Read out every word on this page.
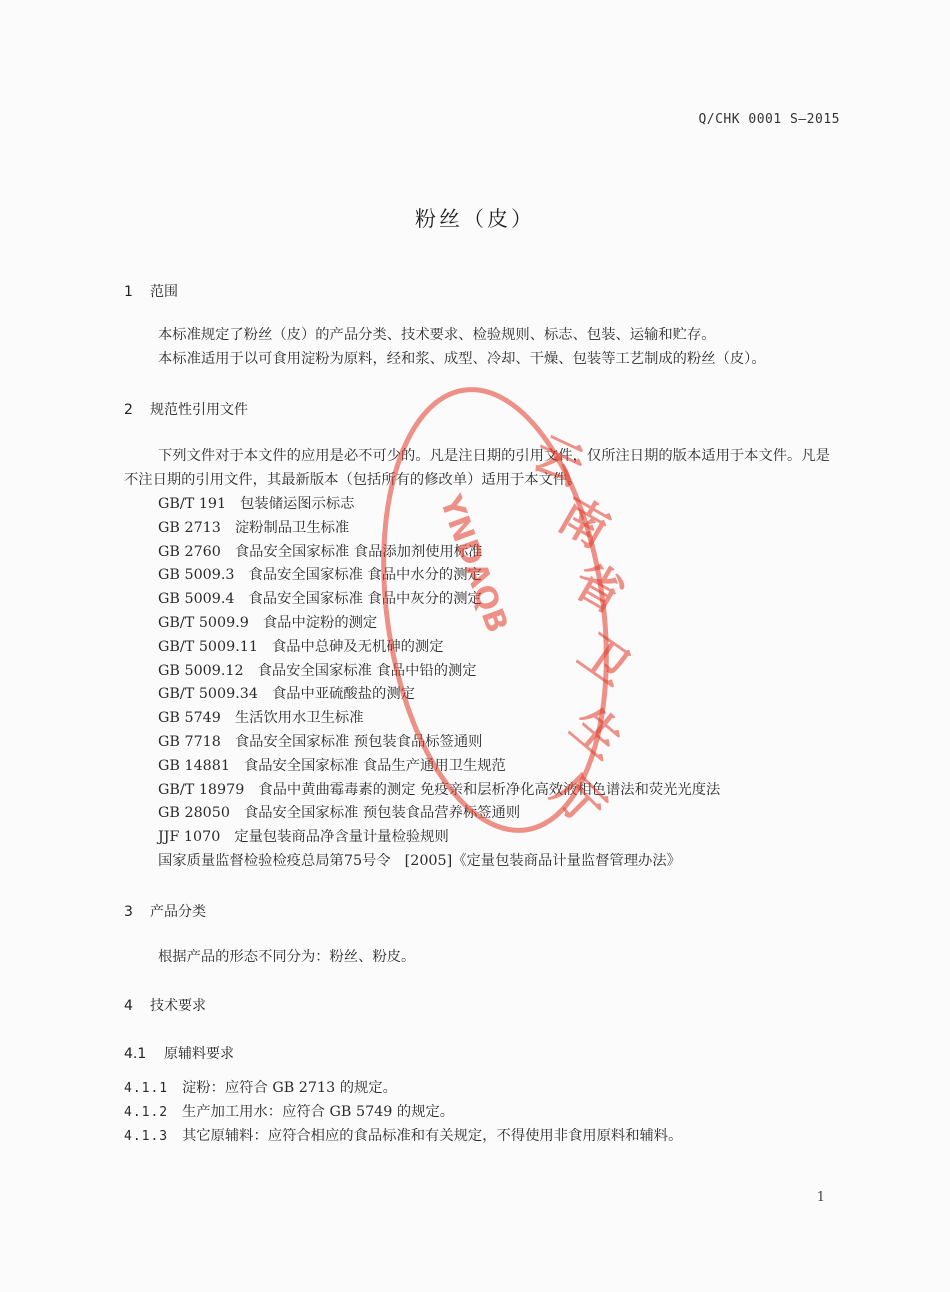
Q/CHK 0001 S—2015
粉丝（皮）
1 范围
本标准规定了粉丝（皮）的产品分类、技术要求、检验规则、标志、包装、运输和贮存。
本标准适用于以可食用淀粉为原料，经和浆、成型、冷却、干燥、包装等工艺制成的粉丝（皮）。
2 规范性引用文件
下列文件对于本文件的应用是必不可少的。凡是注日期的引用文件，仅所注日期的版本适用于本文件。凡是不注日期的引用文件，其最新版本（包括所有的修改单）适用于本文件。
GB/T 191 包装储运图示标志
GB 2713 淀粉制品卫生标准
GB 2760 食品安全国家标准 食品添加剂使用标准
GB 5009.3 食品安全国家标准 食品中水分的测定
GB 5009.4 食品安全国家标准 食品中灰分的测定
GB/T 5009.9 食品中淀粉的测定
GB/T 5009.11 食品中总砷及无机砷的测定
GB 5009.12 食品安全国家标准 食品中铅的测定
GB/T 5009.34 食品中亚硫酸盐的测定
GB 5749 生活饮用水卫生标准
GB 7718 食品安全国家标准 预包装食品标签通则
GB 14881 食品安全国家标准 食品生产通用卫生规范
GB/T 18979 食品中黄曲霉毒素的测定 免疫亲和层析净化高效液相色谱法和荧光光度法
GB 28050 食品安全国家标准 预包装食品营养标签通则
JJF 1070 定量包装商品净含量计量检验规则
国家质量监督检验检疫总局第75号令 [2005]《定量包装商品计量监督管理办法》
3 产品分类
根据产品的形态不同分为：粉丝、粉皮。
4 技术要求
4.1 原辅料要求
4.1.1 淀粉：应符合 GB 2713 的规定。
4.1.2 生产加工用水：应符合 GB 5749 的规定。
4.1.3 其它原辅料：应符合相应的食品标准和有关规定，不得使用非食用原料和辅料。
1
云
南
省
卫
生
厅
YNDAQB
